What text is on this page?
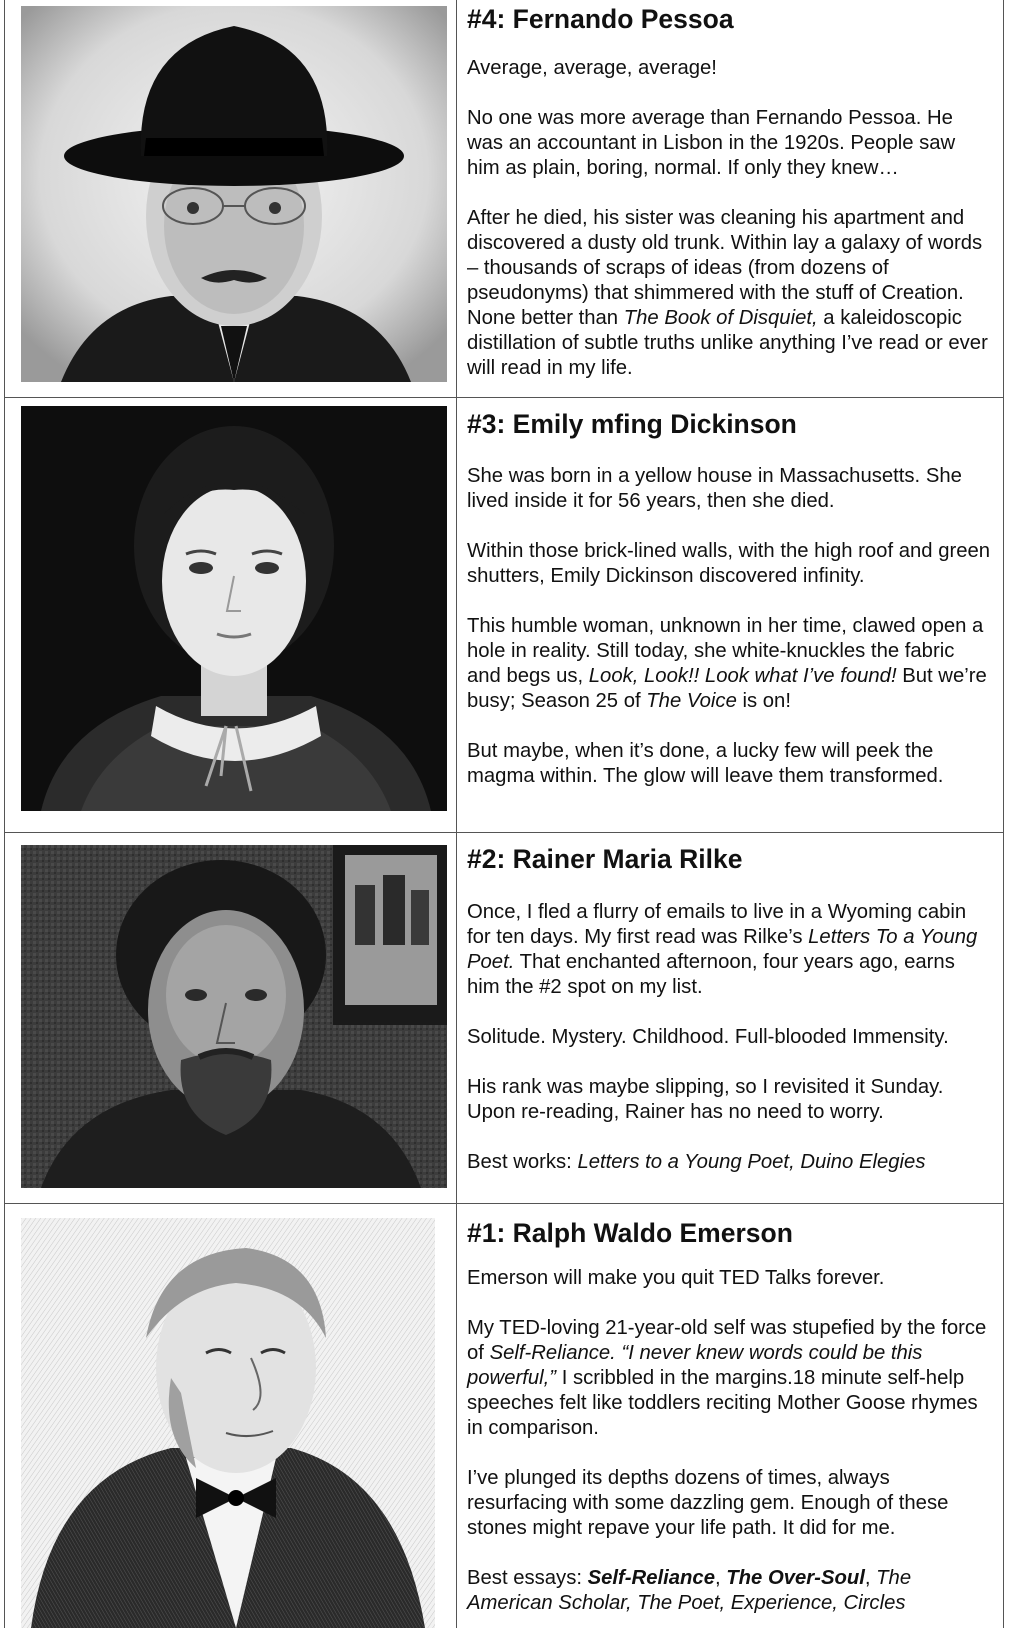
#4: Fernando Pessoa

Average, average, average!

No one was more average than Fernando Pessoa. He was an accountant in Lisbon in the 1920s. People saw him as plain, boring, normal. If only they knew…

After he died, his sister was cleaning his apartment and discovered a dusty old trunk. Within lay a galaxy of words – thousands of scraps of ideas (from dozens of pseudonyms) that shimmered with the stuff of Creation. None better than The Book of Disquiet, a kaleidoscopic distillation of subtle truths unlike anything I’ve read or ever will read in my life.

#3: Emily mfing Dickinson

She was born in a yellow house in Massachusetts. She lived inside it for 56 years, then she died.

Within those brick-lined walls, with the high roof and green shutters, Emily Dickinson discovered infinity.

This humble woman, unknown in her time, clawed open a hole in reality. Still today, she white-knuckles the fabric and begs us, Look, Look!! Look what I’ve found! But we’re busy; Season 25 of The Voice is on!

But maybe, when it’s done, a lucky few will peek the magma within. The glow will leave them transformed.

#2: Rainer Maria Rilke

Once, I fled a flurry of emails to live in a Wyoming cabin for ten days. My first read was Rilke’s Letters To a Young Poet. That enchanted afternoon, four years ago, earns him the #2 spot on my list.

Solitude. Mystery. Childhood. Full-blooded Immensity.

His rank was maybe slipping, so I revisited it Sunday. Upon re-reading, Rainer has no need to worry.

Best works: Letters to a Young Poet, Duino Elegies

#1: Ralph Waldo Emerson

Emerson will make you quit TED Talks forever.

My TED-loving 21-year-old self was stupefied by the force of Self-Reliance. “I never knew words could be this powerful,” I scribbled in the margins.18 minute self-help speeches felt like toddlers reciting Mother Goose rhymes in comparison.

I’ve plunged its depths dozens of times, always resurfacing with some dazzling gem. Enough of these stones might repave your life path. It did for me.

Best essays: Self-Reliance, The Over-Soul, The American Scholar, The Poet, Experience, Circles
